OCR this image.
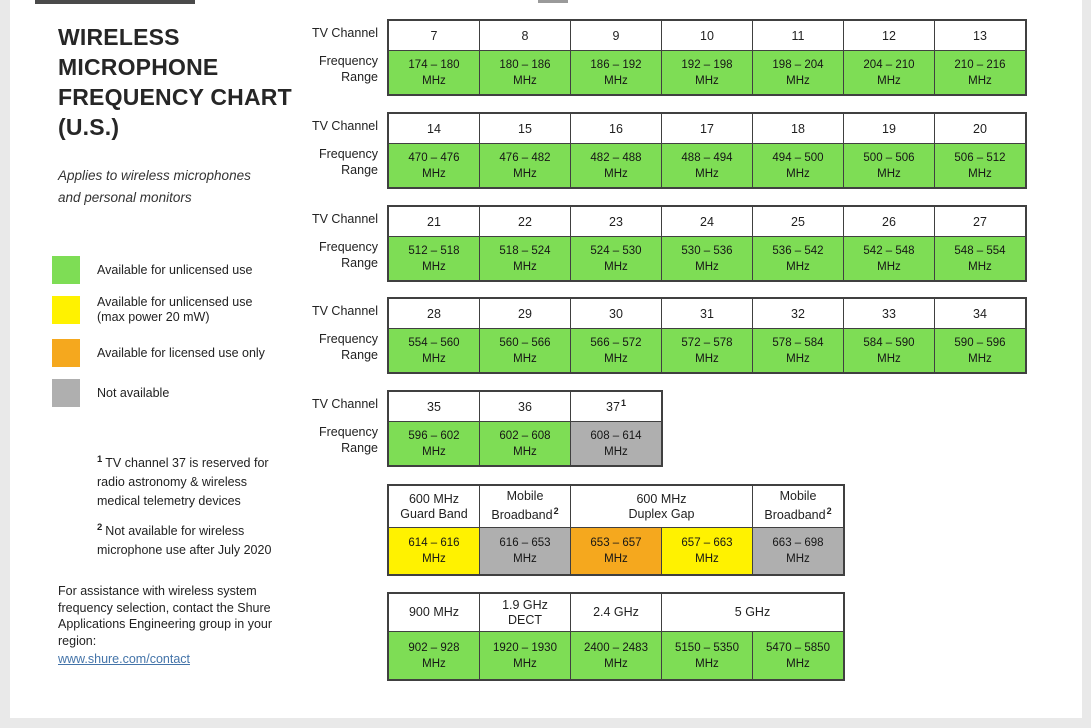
WIRELESS
MICROPHONE
FREQUENCY CHART
(U.S.)

Applies to wireless microphones and personal monitors

Available for unlicensed use
Available for unlicensed use
(max power 20 mW)
Available for licensed use only
Not available

$^1$ TV channel 37 is reserved for radio astronomy & wireless medical telemetry devices

$^2$ Not available for wireless microphone use after July 2020

For assistance with wireless system frequency selection, contact the Shure Applications Engineering group in your region:
www.shure.com/contact
TV Channel
Frequency
Range
7	8	9	10	11	12	13

174 – 180
MHz	180 – 186
MHz	186 – 192
MHz	192 – 198
MHz	198 – 204
MHz	204 – 210
MHz	210 – 216
MHz
TV Channel
Frequency
Range
14	15	16	17	18	19	20

470 – 476
MHz	476 – 482
MHz	482 – 488
MHz	488 – 494
MHz	494 – 500
MHz	500 – 506
MHz	506 – 512
MHz
TV Channel
Frequency
Range
21	22	23	24	25	26	27

512 – 518
MHz	518 – 524
MHz	524 – 530
MHz	530 – 536
MHz	536 – 542
MHz	542 – 548
MHz	548 – 554
MHz
TV Channel
Frequency
Range
28	29	30	31	32	33	34

554 – 560
MHz	560 – 566
MHz	566 – 572
MHz	572 – 578
MHz	578 – 584
MHz	584 – 590
MHz	590 – 596
MHz
TV Channel
Frequency
Range
35	36	$37^1$

596 – 602
MHz	602 – 608
MHz	608 – 614
MHz
600 MHz
Guard Band	Mobile
Broadband$^2$	600 MHz
Duplex Gap		Mobile
Broadband$^2$

614 – 616
MHz	616 – 653
MHz	653 – 657
MHz	657 – 663
MHz	663 – 698
MHz
900 MHz	1.9 GHz
DECT	2.4 GHz	5 GHz	

902 – 928
MHz	1920 – 1930
MHz	2400 – 2483
MHz	5150 – 5350
MHz	5470 – 5850
MHz
